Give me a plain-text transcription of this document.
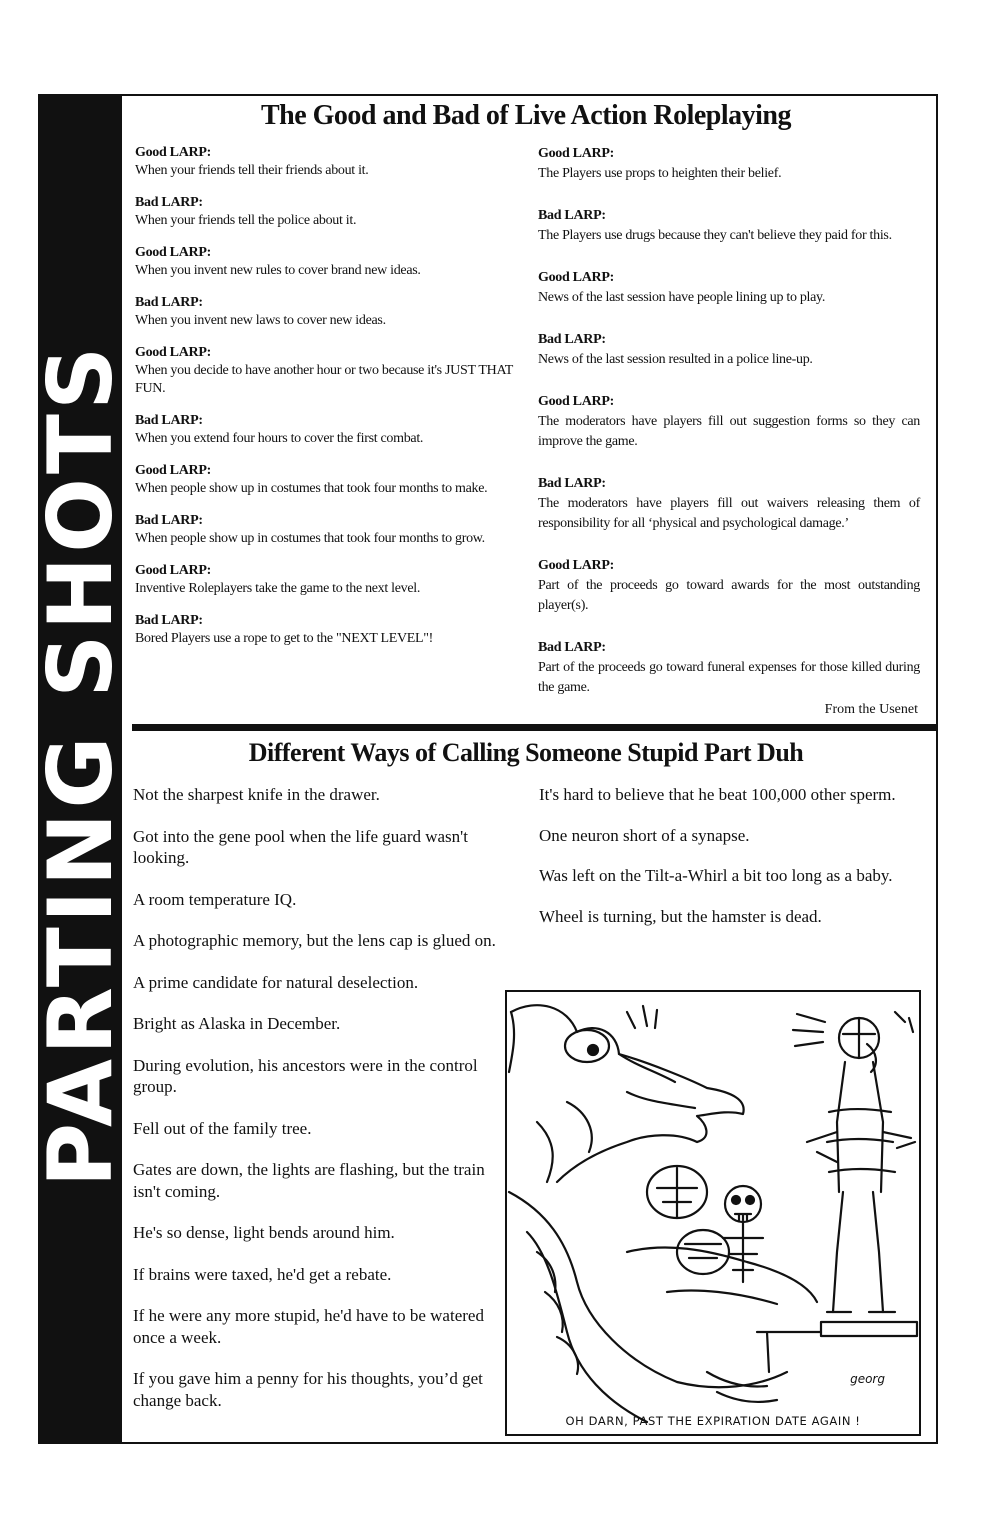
PARTING SHOTS
The Good and Bad of Live Action Roleplaying

Good LARP:
When your friends tell their friends about it.

Bad LARP:
When your friends tell the police about it.

Good LARP:
When you invent new rules to cover brand new ideas.

Bad LARP:
When you invent new laws to cover new ideas.

Good LARP:
When you decide to have another hour or two because it's JUST THAT FUN.

Bad LARP:
When you extend four hours to cover the first combat.

Good LARP:
When people show up in costumes that took four months to make.

Bad LARP:
When people show up in costumes that took four months to grow.

Good LARP:
Inventive Roleplayers take the game to the next level.

Bad LARP:
Bored Players use a rope to get to the "NEXT LEVEL"!

Good LARP:
The Players use props to heighten their belief.

Bad LARP:
The Players use drugs because they can't believe they paid for this.

Good LARP:
News of the last session have people lining up to play.

Bad LARP:
News of the last session resulted in a police line-up.

Good LARP:
The moderators have players fill out suggestion forms so they can improve the game.

Bad LARP:
The moderators have players fill out waivers releasing them of responsibility for all ‘physical and psychological damage.’

Good LARP:
Part of the proceeds go toward awards for the most outstanding player(s).

Bad LARP:
Part of the proceeds go toward funeral expenses for those killed during the game.

From the Usenet
Different Ways of Calling Someone Stupid Part Duh

Not the sharpest knife in the drawer.

Got into the gene pool when the life guard wasn't looking.

A room temperature IQ.

A photographic memory, but the lens cap is glued on.

A prime candidate for natural deselection.

Bright as Alaska in December.

During evolution, his ancestors were in the control group.

Fell out of the family tree.

Gates are down, the lights are flashing, but the train isn't coming.

He's so dense, light bends around him.

If brains were taxed, he'd get a rebate.

If he were any more stupid, he'd have to be watered once a week.

If you gave him a penny for his thoughts, you’d get change back.

It's hard to believe that he beat 100,000 other sperm.

One neuron short of a synapse.

Was left on the Tilt-a-Whirl a bit too long as a baby.

Wheel is turning, but the hamster is dead.

georg
OH DARN, PAST THE EXPIRATION DATE AGAIN !
